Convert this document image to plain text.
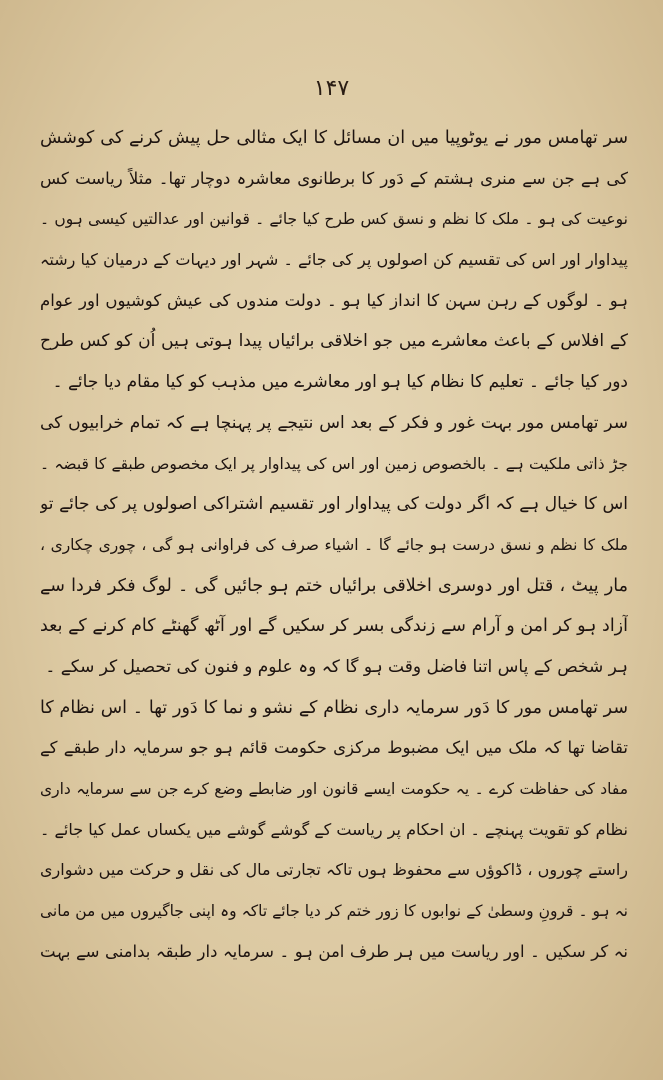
۱۴۷
سر تھامس مور نے یوٹوپیا میں ان مسائل کا ایک مثالی حل پیش کرنے کی کوشش
کی ہے جن سے منری ہشتم کے دَور کا برطانوی معاشرہ دوچار تھا۔ مثلاً ریاست کس
نوعیت کی ہو ۔ ملک کا نظم و نسق کس طرح کیا جائے ۔ قوانین اور عدالتیں کیسی ہوں ۔
پیداوار اور اس کی تقسیم کن اصولوں پر کی جائے ۔ شہر اور دیہات کے درمیان کیا رشتہ
ہو ۔ لوگوں کے رہن سہن کا انداز کیا ہو ۔ دولت مندوں کی عیش کوشیوں اور عوام
کے افلاس کے باعث معاشرے میں جو اخلاقی برائیاں پیدا ہوتی ہیں اُن کو کس طرح
دور کیا جائے ۔ تعلیم کا نظام کیا ہو اور معاشرے میں مذہب کو کیا مقام دیا جائے ۔
سر تھامس مور بہت غور و فکر کے بعد اس نتیجے پر پہنچا ہے کہ تمام خرابیوں کی
جڑ ذاتی ملکیت ہے ۔ بالخصوص زمین اور اس کی پیداوار پر ایک مخصوص طبقے کا قبضہ ۔
اس کا خیال ہے کہ اگر دولت کی پیداوار اور تقسیم اشتراکی اصولوں پر کی جائے تو
ملک کا نظم و نسق درست ہو جائے گا ۔ اشیاء صرف کی فراوانی ہو گی ، چوری چکاری ،
مار پیٹ ، قتل اور دوسری اخلاقی برائیاں ختم ہو جائیں گی ۔ لوگ فکر فردا سے
آزاد ہو کر امن و آرام سے زندگی بسر کر سکیں گے اور آٹھ گھنٹے کام کرنے کے بعد
ہر شخص کے پاس اتنا فاضل وقت ہو گا کہ وہ علوم و فنون کی تحصیل کر سکے ۔
سر تھامس مور کا دَور سرمایہ داری نظام کے نشو و نما کا دَور تھا ۔ اس نظام کا
تقاضا تھا کہ ملک میں ایک مضبوط مرکزی حکومت قائم ہو جو سرمایہ دار طبقے کے
مفاد کی حفاظت کرے ۔ یہ حکومت ایسے قانون اور ضابطے وضع کرے جن سے سرمایہ داری
نظام کو تقویت پہنچے ۔ ان احکام پر ریاست کے گوشے گوشے میں یکساں عمل کیا جائے ۔
راستے چوروں ، ڈاکوؤں سے محفوظ ہوں تاکہ تجارتی مال کی نقل و حرکت میں دشواری
نہ ہو ۔ قرونِ وسطیٰ کے نوابوں کا زور ختم کر دیا جائے تاکہ وہ اپنی جاگیروں میں من مانی
نہ کر سکیں ۔ اور ریاست میں ہر طرف امن ہو ۔ سرمایہ دار طبقہ بدامنی سے بہت
